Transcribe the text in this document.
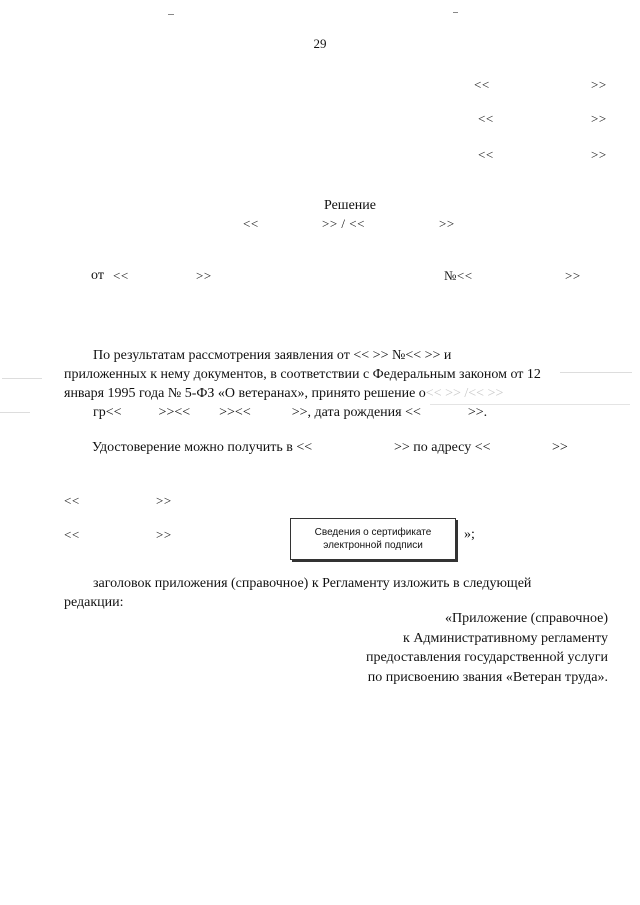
29
<<	>>
<<	>>
<<	>>
Решение
<<	>> / <<	>>
от <<	>>	№<<	>>
По результатам рассмотрения заявления от << >> №<< >> и
приложенных к нему документов, в соответствии с Федеральным законом от 12
января 1995 года № 5-ФЗ «О ветеранах», принято решение о<< >> /<< >>
гр<<	>><< >><<	>>, дата рождения <<	>>.
Удостоверение можно получить в <<	>> по адресу <<	>>
<<	>>
<<	>>	Сведения о сертификате
электронной подписи
»;
заголовок приложения (справочное) к Регламенту изложить в следующей
редакции:
«Приложение (справочное)
к Административному регламенту
предоставления государственной услуги
по присвоению звания «Ветеран труда».
